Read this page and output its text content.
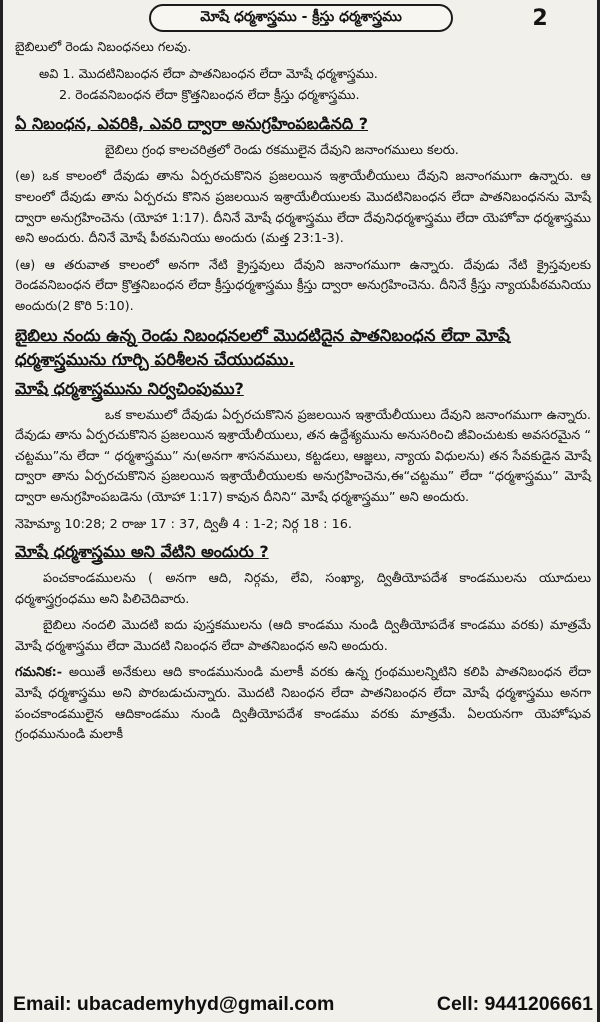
మోషే ధర్మశాస్త్రము - క్రీస్తు ధర్మశాస్త్రము	2

బైబిలులో రెండు నిబంధనలు గలవు.

అవి 1. మొదటినిబంధన లేదా పాతనిబంధన లేదా మోషే ధర్మశాస్త్రము.

2. రెండవనిబంధన లేదా క్రొత్తనిబంధన లేదా క్రీస్తు ధర్మశాస్త్రము.

ఏ నిబంధన, ఎవరికి, ఎవరి ద్వారా అనుగ్రహింపబడినది ?

బైబిలు గ్రంధ కాలచరిత్రలో రెండు రకములైన దేవుని జనాంగములు కలరు.

(అ) ఒక కాలంలో దేవుడు తాను ఏర్పరచుకొనిన ప్రజలయిన ఇశ్రాయేలీయులు దేవుని జనాంగముగా ఉన్నారు. ఆ కాలంలో దేవుడు తాను ఏర్పరచు కొనిన ప్రజలయిన ఇశ్రాయేలీయులకు మొదటినిబంధన లేదా పాతనిబంధనను మోషే ద్వారా అనుగ్రహించెను (యోహా 1:17). దీనినే మోషే ధర్మశాస్త్రము లేదా దేవునిధర్మశాస్త్రము లేదా యెహోవా ధర్మశాస్త్రము అని అందురు. దీనినే మోషే పీఠమనియు అందురు (మత్త 23:1-3).

(ఆ) ఆ తరువాత కాలంలో అనగా నేటి క్రైస్తవులు దేవుని జనాంగముగా ఉన్నారు. దేవుడు నేటి క్రైస్తవులకు రెండవనిబంధన లేదా క్రొత్తనిబంధన లేదా క్రీస్తుధర్మశాస్త్రము క్రీస్తు ద్వారా అనుగ్రహించెను. దీనినే క్రీస్తు న్యాయపీఠమనియు అందురు(2 కొరి 5:10).

బైబిలు నందు ఉన్న రెండు నిబంధనలలో మొదటిదైన పాతనిబంధన లేదా మోషే ధర్మశాస్త్రమును గూర్చి పరిశీలన చేయుదము.
మోషే ధర్మశాస్త్రమును నిర్వచింపుము?

ఒక కాలములో దేవుడు ఏర్పరచుకొనిన ప్రజలయిన ఇశ్రాయేలీయులు దేవుని జనాంగముగా ఉన్నారు. దేవుడు తాను ఏర్పరచుకొనిన ప్రజలయిన ఇశ్రాయేలీయులు, తన ఉద్దేశ్యమును అనుసరించి జీవించుటకు అవసరమైన “ చట్టము”ను లేదా “ ధర్మశాస్త్రము” ను(అనగా శాసనములు, కట్టడలు, ఆజ్ఞలు, న్యాయ విధులను) తన సేవకుడైన మోషే ద్వారా తాను ఏర్పరచుకొనిన ప్రజలయిన ఇశ్రాయేలీయులకు అనుగ్రహించెను,ఈ“చట్టము” లేదా “ధర్మశాస్త్రము” మోషే ద్వారా అనుగ్రహింపబడెను (యోహా 1:17) కావున దీనిని“ మోషే ధర్మశాస్త్రము” అని అందురు.

నెహెమ్యా 10:28; 2 రాజు 17 : 37, ద్వితీ 4 : 1-2; నిర్గ 18 : 16.

మోషే ధర్మశాస్త్రము అని వేటిని అందురు ?

పంచకాండములను ( అనగా ఆది, నిర్గమ, లేవి, సంఖ్యా, ద్వితీయోపదేశ కాండములను యూదులు ధర్మశాస్త్రగ్రంధము అని పిలిచెదివారు.

బైబిలు నందలి మొదటి ఐదు పుస్తకములను (ఆది కాండము నుండి ద్వితీయోపదేశ కాండము వరకు) మాత్రమే మోషే ధర్మశాస్త్రము లేదా మొదటి నిబంధన లేదా పాతనిబంధన అని అందురు.

గమనిక:- అయితే అనేకులు ఆది కాండమునుండి మలాకీ వరకు ఉన్న గ్రంథములన్నిటిని కలిపి పాతనిబంధన లేదా మోషే ధర్మశాస్త్రము అని పొరబడుచున్నారు. మొదటి నిబంధన లేదా పాతనిబంధన లేదా మోషే ధర్మశాస్త్రము అనగా పంచకాండములైన ఆదికాండము నుండి ద్వితీయోపదేశ కాండము వరకు మాత్రమే. ఏలయనగా యెహోషువ గ్రంధమునుండి మలాకీ

Email: ubacademyhyd@gmail.com	Cell: 9441206661
